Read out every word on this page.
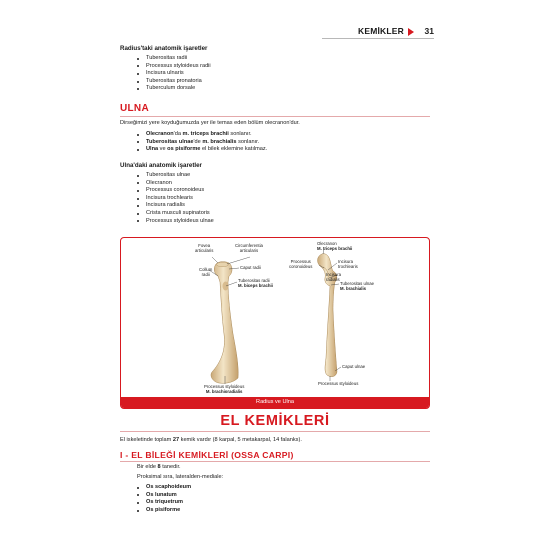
KEMİKLER 31
Radius'taki anatomik işaretler
Tuberositas radii
Processus styloideus radii
Incisura ulnaris
Tuberositas pronatoria
Tuberculum dorsale
ULNA
Dirseğimizi yere koyduğumuzda yer ile temas eden bölüm olecranon'dur.
Olecranon'da m. triceps brachii sonlanır.
Tuberositas ulnae'de m. brachialis sonlanır.
Ulna ve os pisiforme el bilek eklemine katılmaz.
Ulna'daki anatomik işaretler
Tuberositas ulnae
Olecranon
Processus coronoideus
Incisura trochlearis
Incisura radialis
Crista musculi supinatoris
Processus styloideus ulnae
Fovea
articularis
Circumferentia
articularis
Caput radii
Collum
radii
Tuberositas radii
M. biceps brachii
Processus styloideus
M. brachioradialis
Olecranon
M. triceps brachii
Processus
coronoideus
Incisura
trochlearis
Incisura
radialis
Tuberositas ulnae
M. brachialis
Caput ulnae
Processus styloideus
Radius ve Ulna
EL KEMİKLERİ
El iskeletinde toplam 27 kemik vardır (8 karpal, 5 metakarpal, 14 falanks).
I - EL BİLEĞİ KEMİKLERİ (OSSA CARPI)
Bir elde 8 tanedir.
Proksimal sıra, lateralden-mediale:
Os scaphoideum
Os lunatum
Os triquetrum
Os pisiforme
